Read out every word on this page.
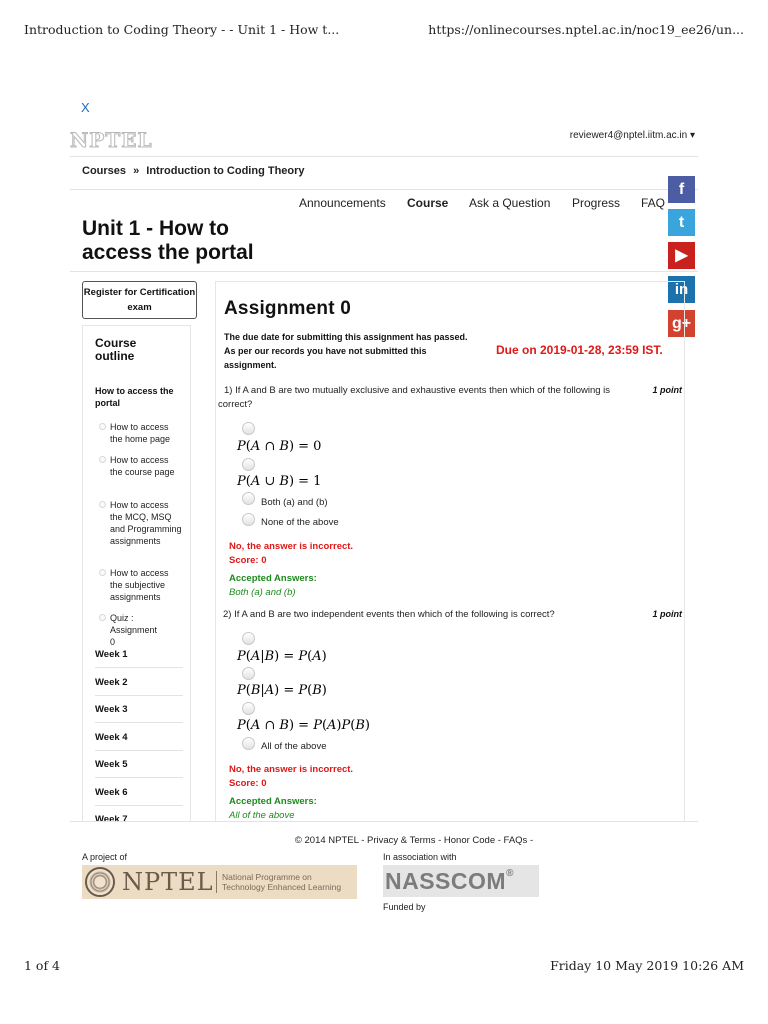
Introduction to Coding Theory - - Unit 1 - How t...	https://onlinecourses.nptel.ac.in/noc19_ee26/un...
X
NPTEL	reviewer4@nptel.iitm.ac.in ▾
Courses » Introduction to Coding Theory
Announcements Course Ask a Question Progress FAQ
Unit 1 - How to access the portal
f
t
▶
in
g+
Register for Certification exam
Course outline
How to access the portal
How to access the home page
How to access the course page
How to access the MCQ, MSQ and Programming assignments
How to access the subjective assignments
Quiz : Assignment 0
Week 1
Week 2
Week 3
Week 4
Week 5
Week 6
Week 7
Assignment 0
The due date for submitting this assignment has passed.
As per our records you have not submitted this assignment.
Due on 2019-01-28, 23:59 IST.
1) If A and B are two mutually exclusive and exhaustive events then which of the following is correct?
1 point
P(A ∩ B) = 0
P(A ∪ B) = 1
Both (a) and (b)
None of the above
No, the answer is incorrect.
Score: 0
Accepted Answers:
Both (a) and (b)
2) If A and B are two independent events then which of the following is correct?	1 point
P(A|B) = P(A)
P(B|A) = P(B)
P(A ∩ B) = P(A)P(B)
All of the above
No, the answer is incorrect.
Score: 0
Accepted Answers:
All of the above
© 2014 NPTEL - Privacy & Terms - Honor Code - FAQs -
A project of	In association with
NPTEL National Programme on
Technology Enhanced Learning NASSCOM®
Funded by
1 of 4	Friday 10 May 2019 10:26 AM
